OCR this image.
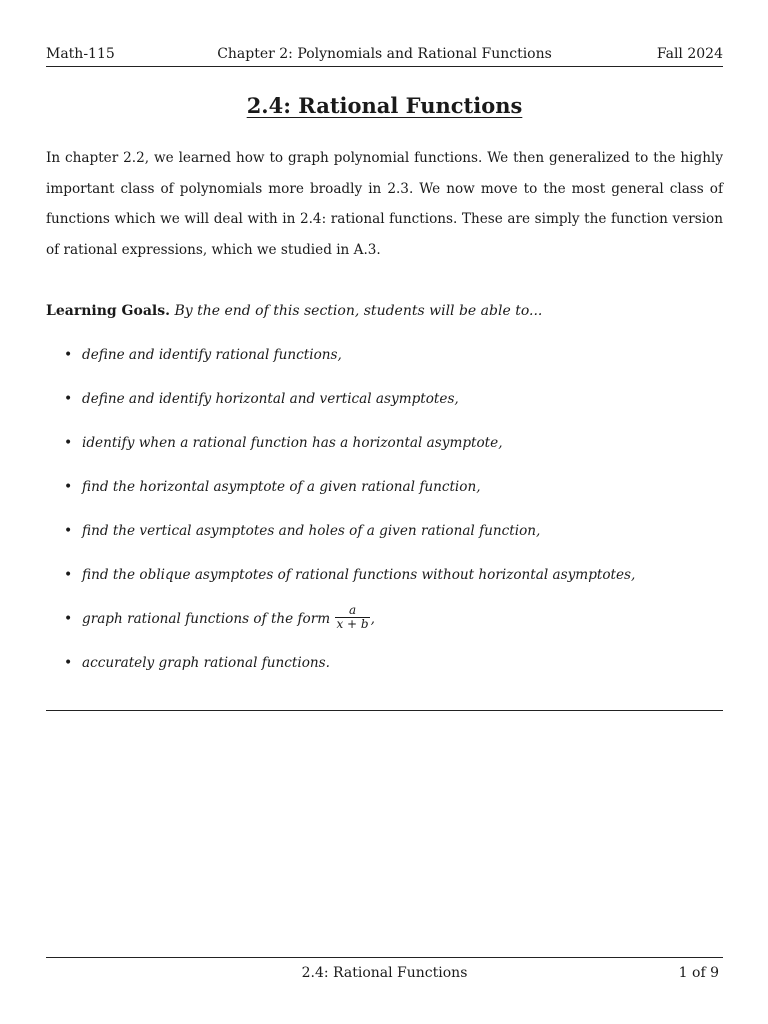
Math-115	Chapter 2: Polynomials and Rational Functions	Fall 2024
2.4: Rational Functions
In chapter 2.2, we learned how to graph polynomial functions. We then generalized to the highly important class of polynomials more broadly in 2.3. We now move to the most general class of functions which we will deal with in 2.4: rational functions. These are simply the function version of rational expressions, which we studied in A.3.
Learning Goals. By the end of this section, students will be able to...
• define and identify rational functions,
• define and identify horizontal and vertical asymptotes,
• identify when a rational function has a horizontal asymptote,
• find the horizontal asymptote of a given rational function,
• find the vertical asymptotes and holes of a given rational function,
• find the oblique asymptotes of rational functions without horizontal asymptotes,
• graph rational functions of the form $\frac{a}{x + b}$ ,
• accurately graph rational functions.
2.4: Rational Functions	1 of 9
